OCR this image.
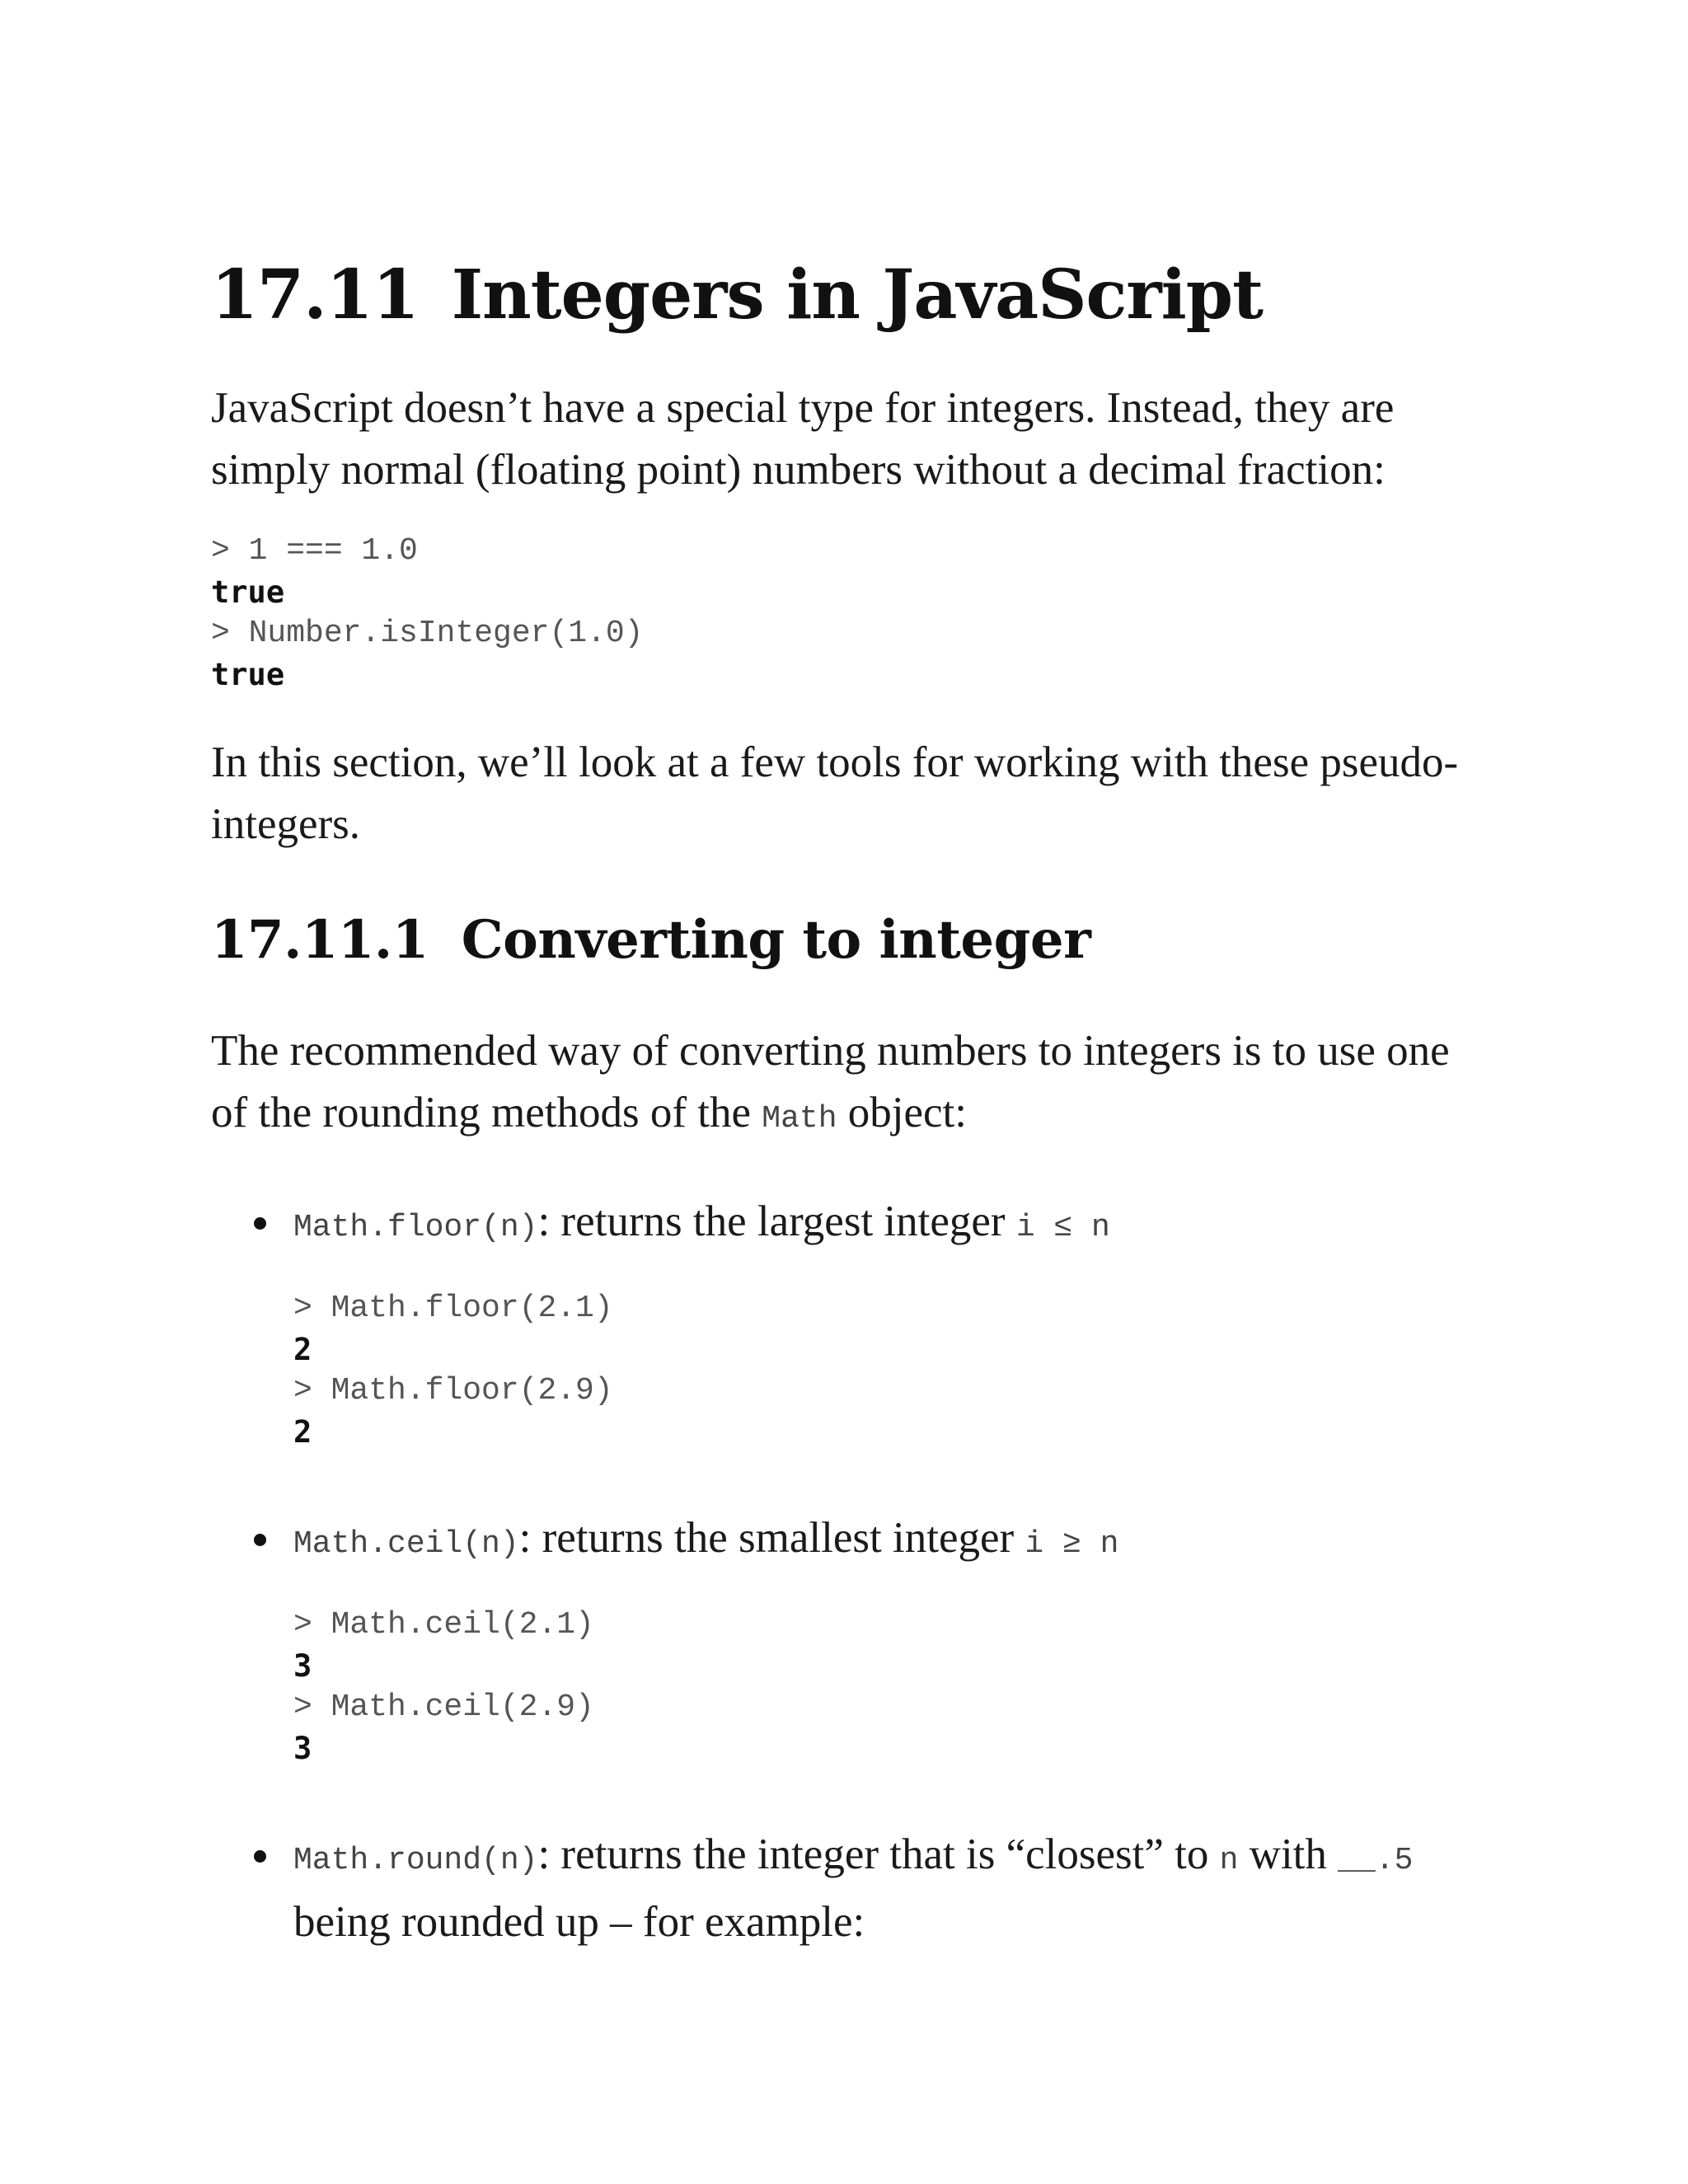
17.11 Integers in JavaScript

JavaScript doesn’t have a special type for integers. Instead, they are simply normal (floating point) numbers without a decimal fraction:

> 1 === 1.0
true
> Number.isInteger(1.0)
true

In this section, we’ll look at a few tools for working with these pseudo-integers.

17.11.1 Converting to integer

The recommended way of converting numbers to integers is to use one of the rounding methods of the Math object:

Math.floor(n): returns the largest integer i ≤ n

> Math.floor(2.1)
2
> Math.floor(2.9)
2

Math.ceil(n): returns the smallest integer i ≥ n

> Math.ceil(2.1)
3
> Math.ceil(2.9)
3

Math.round(n): returns the integer that is “closest” to n with __.5 being rounded up – for example:
